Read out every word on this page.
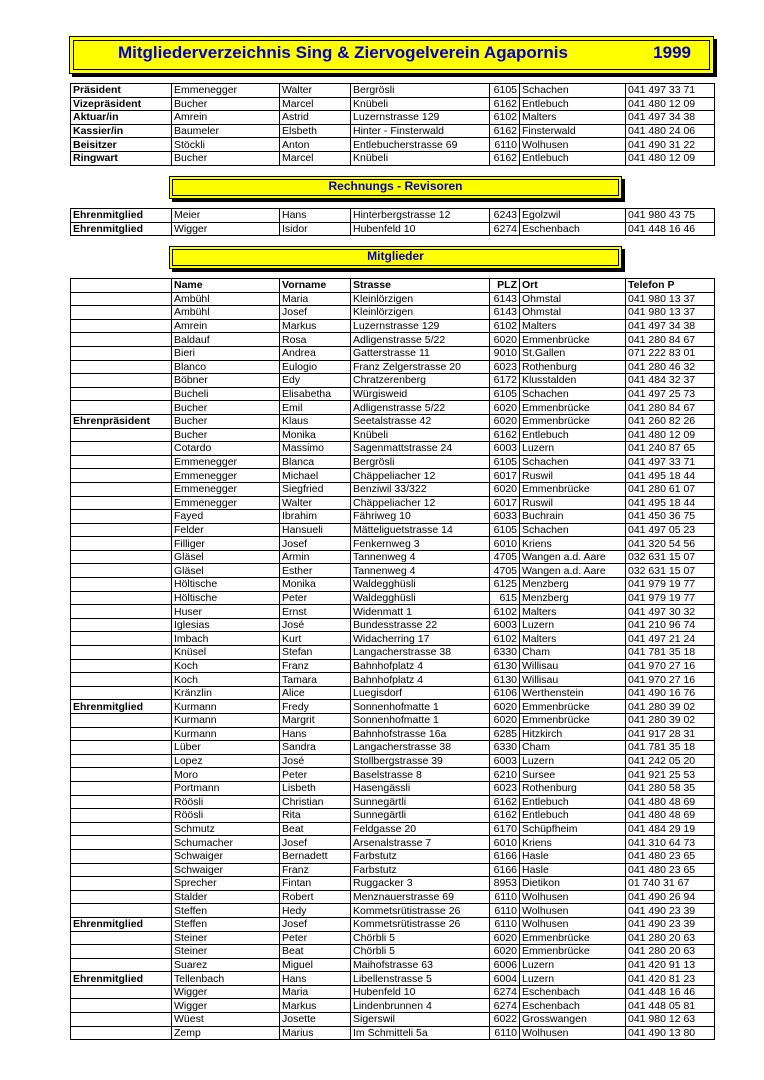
Mitgliederverzeichnis Sing & Ziervogelverein Agapornis	1999
Präsident	Emmenegger	Walter	Bergrösli	6105	Schachen	041 497 33 71
Vizepräsident	Bucher	Marcel	Knübeli	6162	Entlebuch	041 480 12 09
Aktuar/in	Amrein	Astrid	Luzernstrasse 129	6102	Malters	041 497 34 38
Kassier/in	Baumeler	Elsbeth	Hinter - Finsterwald	6162	Finsterwald	041 480 24 06
Beisitzer	Stöckli	Anton	Entlebucherstrasse 69	6110	Wolhusen	041 490 31 22
Ringwart	Bucher	Marcel	Knübeli	6162	Entlebuch	041 480 12 09
Rechnungs - Revisoren
Ehrenmitglied	Meier	Hans	Hinterbergstrasse 12	6243	Egolzwil	041 980 43 75
Ehrenmitglied	Wigger	Isidor	Hubenfeld 10	6274	Eschenbach	041 448 16 46
Mitglieder
	Name	Vorname	Strasse	PLZ	Ort	Telefon P
	Ambühl	Maria	Kleinlörzigen	6143	Ohmstal	041 980 13 37
	Ambühl	Josef	Kleinlörzigen	6143	Ohmstal	041 980 13 37
	Amrein	Markus	Luzernstrasse 129	6102	Malters	041 497 34 38
	Baldauf	Rosa	Adligenstrasse 5/22	6020	Emmenbrücke	041 280 84 67
	Bieri	Andrea	Gatterstrasse 11	9010	St.Gallen	071 222 83 01
	Blanco	Eulogio	Franz Zelgerstrasse 20	6023	Rothenburg	041 280 46 32
	Böbner	Edy	Chratzerenberg	6172	Klusstalden	041 484 32 37
	Bucheli	Elisabetha	Würgisweid	6105	Schachen	041 497 25 73
	Bucher	Emil	Adligenstrasse 5/22	6020	Emmenbrücke	041 280 84 67
Ehrenpräsident	Bucher	Klaus	Seetalstrasse 42	6020	Emmenbrücke	041 260 82 26
	Bucher	Monika	Knübeli	6162	Entlebuch	041 480 12 09
	Cotardo	Massimo	Sagenmattstrasse 24	6003	Luzern	041 240 87 65
	Emmenegger	Blanca	Bergrösli	6105	Schachen	041 497 33 71
	Emmenegger	Michael	Chäppeliacher 12	6017	Ruswil	041 495 18 44
	Emmenegger	Siegfried	Benziwil 33/322	6020	Emmenbrücke	041 280 61 07
	Emmenegger	Walter	Chäppeliacher 12	6017	Ruswil	041 495 18 44
	Fayed	Ibrahim	Fähriweg 10	6033	Buchrain	041 450 36 75
	Felder	Hansueli	Mätteliguetstrasse 14	6105	Schachen	041 497 05 23
	Filliger	Josef	Fenkernweg 3	6010	Kriens	041 320 54 56
	Gläsel	Armin	Tannenweg 4	4705	Wangen a.d. Aare	032 631 15 07
	Gläsel	Esther	Tannenweg 4	4705	Wangen a.d. Aare	032 631 15 07
	Höltische	Monika	Waldegghüsli	6125	Menzberg	041 979 19 77
	Höltische	Peter	Waldegghüsli	615	Menzberg	041 979 19 77
	Huser	Ernst	Widenmatt 1	6102	Malters	041 497 30 32
	Iglesias	José	Bundesstrasse 22	6003	Luzern	041 210 96 74
	Imbach	Kurt	Widacherring 17	6102	Malters	041 497 21 24
	Knüsel	Stefan	Langacherstrasse 38	6330	Cham	041 781 35 18
	Koch	Franz	Bahnhofplatz 4	6130	Willisau	041 970 27 16
	Koch	Tamara	Bahnhofplatz 4	6130	Willisau	041 970 27 16
	Kränzlin	Alice	Luegisdorf	6106	Werthenstein	041 490 16 76
Ehrenmitglied	Kurmann	Fredy	Sonnenhofmatte 1	6020	Emmenbrücke	041 280 39 02
	Kurmann	Margrit	Sonnenhofmatte 1	6020	Emmenbrücke	041 280 39 02
	Kurmann	Hans	Bahnhofstrasse 16a	6285	Hitzkirch	041 917 28 31
	Lüber	Sandra	Langacherstrasse 38	6330	Cham	041 781 35 18
	Lopez	José	Stollbergstrasse 39	6003	Luzern	041 242 05 20
	Moro	Peter	Baselstrasse 8	6210	Sursee	041 921 25 53
	Portmann	Lisbeth	Hasengässli	6023	Rothenburg	041 280 58 35
	Röösli	Christian	Sunnegärtli	6162	Entlebuch	041 480 48 69
	Röösli	Rita	Sunnegärtli	6162	Entlebuch	041 480 48 69
	Schmutz	Beat	Feldgasse 20	6170	Schüpfheim	041 484 29 19
	Schumacher	Josef	Arsenalstrasse 7	6010	Kriens	041 310 64 73
	Schwaiger	Bernadett	Farbstutz	6166	Hasle	041 480 23 65
	Schwaiger	Franz	Farbstutz	6166	Hasle	041 480 23 65
	Sprecher	Fintan	Ruggacker 3	8953	Dietikon	01 740 31 67
	Stalder	Robert	Menznauerstrasse 69	6110	Wolhusen	041 490 26 94
	Steffen	Hedy	Kommetsrütistrasse 26	6110	Wolhusen	041 490 23 39
Ehrenmitglied	Steffen	Josef	Kommetsrütistrasse 26	6110	Wolhusen	041 490 23 39
	Steiner	Peter	Chörbli 5	6020	Emmenbrücke	041 280 20 63
	Steiner	Beat	Chörbli 5	6020	Emmenbrücke	041 280 20 63
	Suarez	Miguel	Maihofstrasse 63	6006	Luzern	041 420 91 13
Ehrenmitglied	Tellenbach	Hans	Libellenstrasse 5	6004	Luzern	041 420 81 23
	Wigger	Maria	Hubenfeld 10	6274	Eschenbach	041 448 16 46
	Wigger	Markus	Lindenbrunnen 4	6274	Eschenbach	041 448 05 81
	Wüest	Josette	Sigerswil	6022	Grosswangen	041 980 12 63
	Zemp	Marius	Im Schmitteli 5a	6110	Wolhusen	041 490 13 80
